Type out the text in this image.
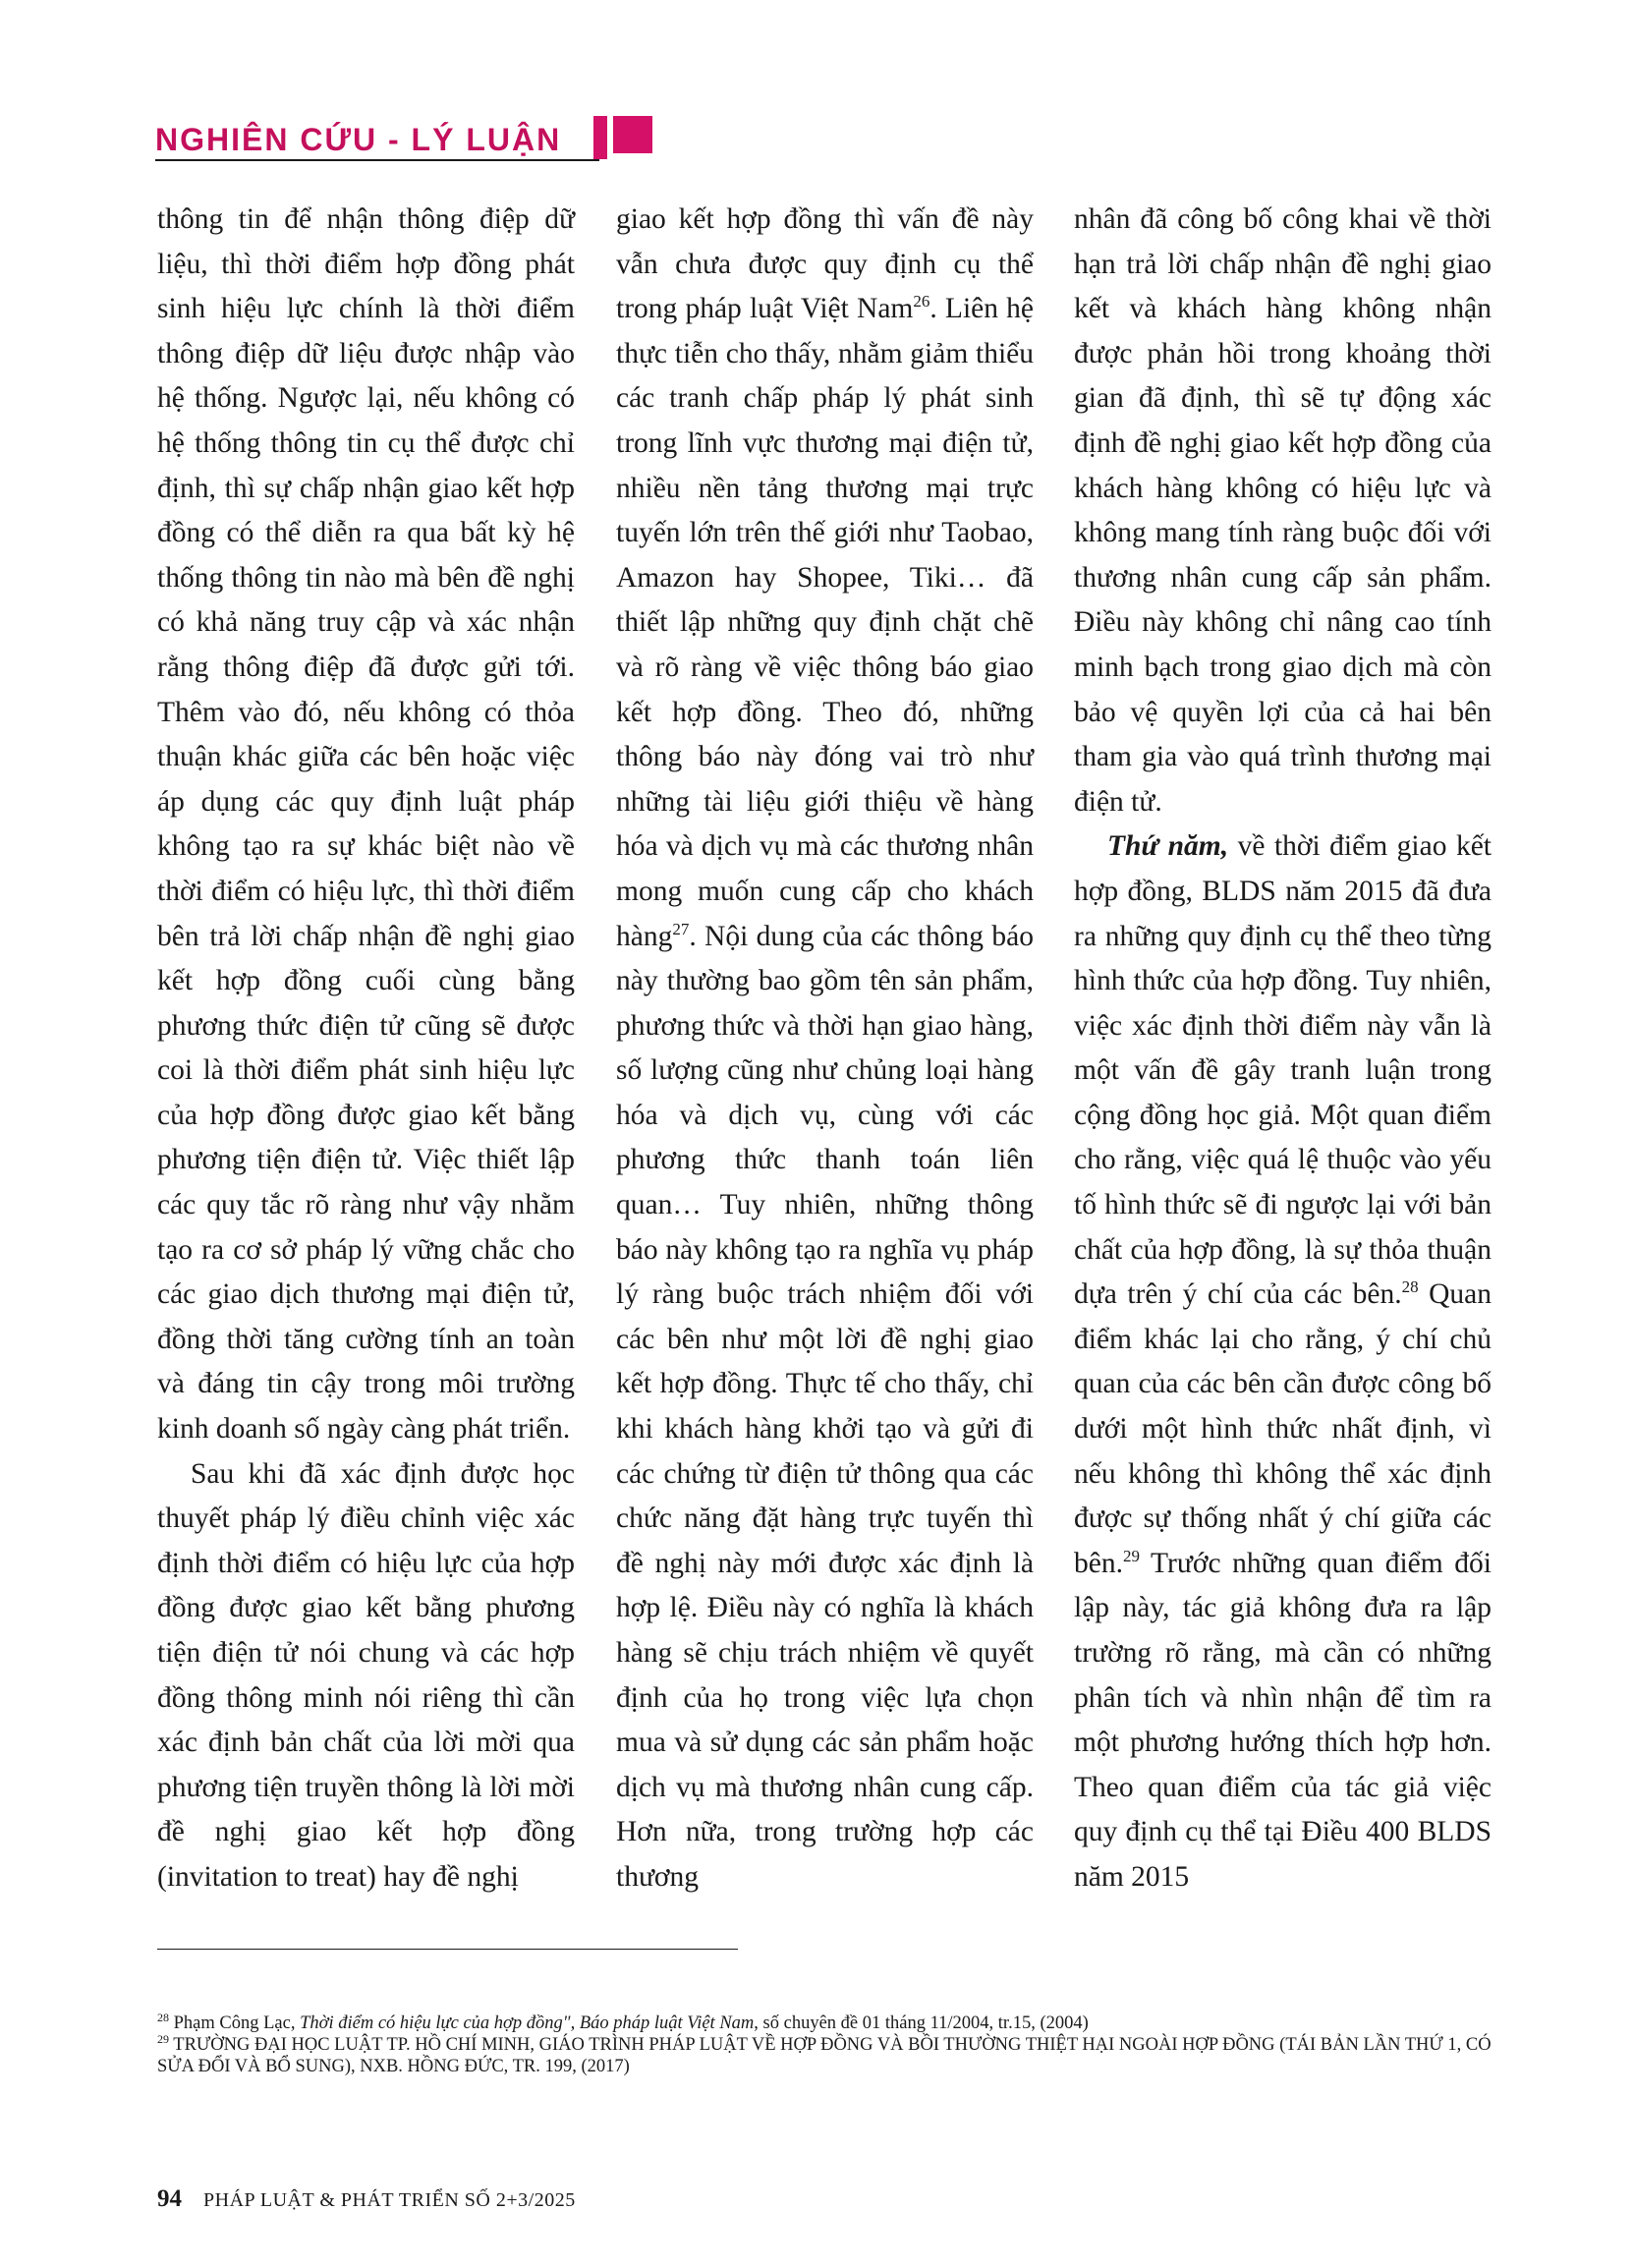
NGHIÊN CỨU - LÝ LUẬN

thông tin để nhận thông điệp dữ liệu, thì thời điểm hợp đồng phát sinh hiệu lực chính là thời điểm thông điệp dữ liệu được nhập vào hệ thống. Ngược lại, nếu không có hệ thống thông tin cụ thể được chỉ định, thì sự chấp nhận giao kết hợp đồng có thể diễn ra qua bất kỳ hệ thống thông tin nào mà bên đề nghị có khả năng truy cập và xác nhận rằng thông điệp đã được gửi tới. Thêm vào đó, nếu không có thỏa thuận khác giữa các bên hoặc việc áp dụng các quy định luật pháp không tạo ra sự khác biệt nào về thời điểm có hiệu lực, thì thời điểm bên trả lời chấp nhận đề nghị giao kết hợp đồng cuối cùng bằng phương thức điện tử cũng sẽ được coi là thời điểm phát sinh hiệu lực của hợp đồng được giao kết bằng phương tiện điện tử. Việc thiết lập các quy tắc rõ ràng như vậy nhằm tạo ra cơ sở pháp lý vững chắc cho các giao dịch thương mại điện tử, đồng thời tăng cường tính an toàn và đáng tin cậy trong môi trường kinh doanh số ngày càng phát triển.

Sau khi đã xác định được học thuyết pháp lý điều chỉnh việc xác định thời điểm có hiệu lực của hợp đồng được giao kết bằng phương tiện điện tử nói chung và các hợp đồng thông minh nói riêng thì cần xác định bản chất của lời mời qua phương tiện truyền thông là lời mời đề nghị giao kết hợp đồng (invitation to treat) hay đề nghị

giao kết hợp đồng thì vấn đề này vẫn chưa được quy định cụ thể trong pháp luật Việt Nam$^{26}$. Liên hệ thực tiễn cho thấy, nhằm giảm thiểu các tranh chấp pháp lý phát sinh trong lĩnh vực thương mại điện tử, nhiều nền tảng thương mại trực tuyến lớn trên thế giới như Taobao, Amazon hay Shopee, Tiki… đã thiết lập những quy định chặt chẽ và rõ ràng về việc thông báo giao kết hợp đồng. Theo đó, những thông báo này đóng vai trò như những tài liệu giới thiệu về hàng hóa và dịch vụ mà các thương nhân mong muốn cung cấp cho khách hàng$^{27}$. Nội dung của các thông báo này thường bao gồm tên sản phẩm, phương thức và thời hạn giao hàng, số lượng cũng như chủng loại hàng hóa và dịch vụ, cùng với các phương thức thanh toán liên quan… Tuy nhiên, những thông báo này không tạo ra nghĩa vụ pháp lý ràng buộc trách nhiệm đối với các bên như một lời đề nghị giao kết hợp đồng. Thực tế cho thấy, chỉ khi khách hàng khởi tạo và gửi đi các chứng từ điện tử thông qua các chức năng đặt hàng trực tuyến thì đề nghị này mới được xác định là hợp lệ. Điều này có nghĩa là khách hàng sẽ chịu trách nhiệm về quyết định của họ trong việc lựa chọn mua và sử dụng các sản phẩm hoặc dịch vụ mà thương nhân cung cấp. Hơn nữa, trong trường hợp các thương

nhân đã công bố công khai về thời hạn trả lời chấp nhận đề nghị giao kết và khách hàng không nhận được phản hồi trong khoảng thời gian đã định, thì sẽ tự động xác định đề nghị giao kết hợp đồng của khách hàng không có hiệu lực và không mang tính ràng buộc đối với thương nhân cung cấp sản phẩm. Điều này không chỉ nâng cao tính minh bạch trong giao dịch mà còn bảo vệ quyền lợi của cả hai bên tham gia vào quá trình thương mại điện tử.

Thứ năm, về thời điểm giao kết hợp đồng, BLDS năm 2015 đã đưa ra những quy định cụ thể theo từng hình thức của hợp đồng. Tuy nhiên, việc xác định thời điểm này vẫn là một vấn đề gây tranh luận trong cộng đồng học giả. Một quan điểm cho rằng, việc quá lệ thuộc vào yếu tố hình thức sẽ đi ngược lại với bản chất của hợp đồng, là sự thỏa thuận dựa trên ý chí của các bên.$^{28}$ Quan điểm khác lại cho rằng, ý chí chủ quan của các bên cần được công bố dưới một hình thức nhất định, vì nếu không thì không thể xác định được sự thống nhất ý chí giữa các bên.$^{29}$ Trước những quan điểm đối lập này, tác giả không đưa ra lập trường rõ rằng, mà cần có những phân tích và nhìn nhận để tìm ra một phương hướng thích hợp hơn. Theo quan điểm của tác giả việc quy định cụ thể tại Điều 400 BLDS năm 2015

$^{28}$ Phạm Công Lạc, Thời điểm có hiệu lực của hợp đồng", Báo pháp luật Việt Nam, số chuyên đề 01 tháng 11/2004, tr.15, (2004)

$^{29}$ TRƯỜNG ĐẠI HỌC LUẬT TP. HỒ CHÍ MINH, GIÁO TRÌNH PHÁP LUẬT VỀ HỢP ĐỒNG VÀ BỒI THƯỜNG THIỆT HẠI NGOÀI HỢP ĐỒNG (TÁI BẢN LẦN THỨ 1, CÓ SỬA ĐỔI VÀ BỔ SUNG), NXB. HỒNG ĐỨC, TR. 199, (2017)

94 PHÁP LUẬT & PHÁT TRIỂN SỐ 2+3/2025
